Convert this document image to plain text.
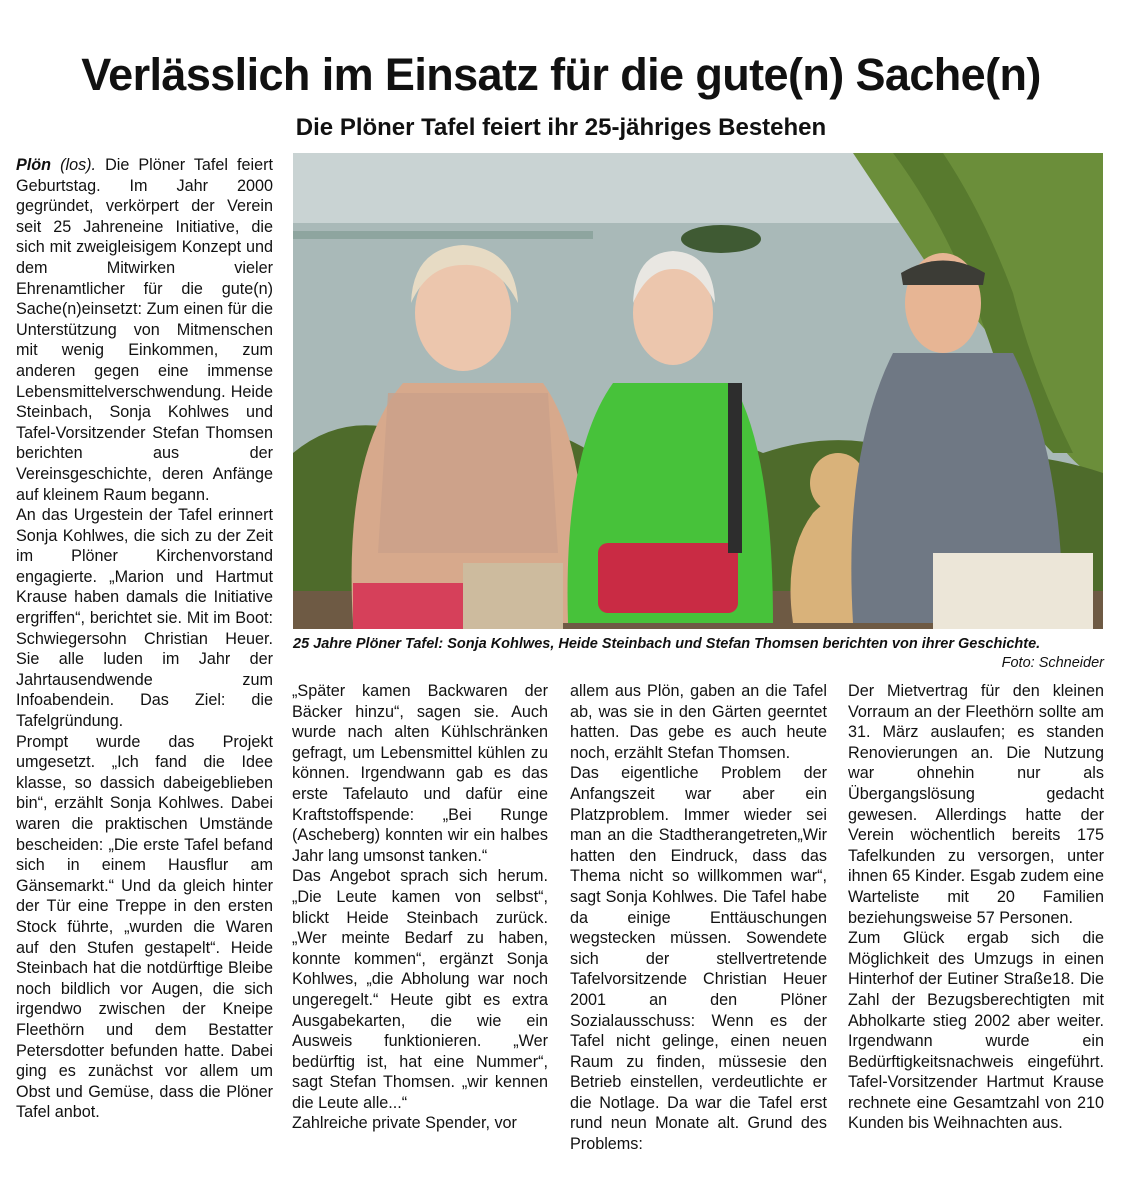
Verlässlich im Einsatz für die gute(n) Sache(n)
Die Plöner Tafel feiert ihr 25-jähriges Bestehen
25 Jahre Plöner Tafel: Sonja Kohlwes, Heide Steinbach und Stefan Thomsen berichten von ihrer Geschichte.
Foto: Schneider

Plön (los). Die Plöner Tafel feiert Geburtstag. Im Jahr 2000 gegründet, verkörpert der Verein seit 25 Jahreneine Initiative, die sich mit zweigleisigem Konzept und dem Mitwirken vieler Ehrenamtlicher für die gute(n) Sache(n)einsetzt: Zum einen für die Unterstützung von Mitmenschen mit wenig Einkommen, zum anderen gegen eine immense Lebensmittelverschwendung. Heide Steinbach, Sonja Kohlwes und Tafel-Vorsitzender Stefan Thomsen berichten aus der Vereinsgeschichte, deren Anfänge auf kleinem Raum begann.

An das Urgestein der Tafel erinnert Sonja Kohlwes, die sich zu der Zeit im Plöner Kirchenvorstand engagierte. „Marion und Hartmut Krause haben damals die Initiative ergriffen“, berichtet sie. Mit im Boot: Schwiegersohn Christian Heuer. Sie alle luden im Jahr der Jahrtausendwende zum Infoabendein. Das Ziel: die Tafelgründung.

Prompt wurde das Projekt umgesetzt. „Ich fand die Idee klasse, so dassich dabeigeblieben bin“, erzählt Sonja Kohlwes. Dabei waren die praktischen Umstände bescheiden: „Die erste Tafel befand sich in einem Hausflur am Gänsemarkt.“ Und da gleich hinter der Tür eine Treppe in den ersten Stock führte, „wurden die Waren auf den Stufen gestapelt“. Heide Steinbach hat die notdürftige Bleibe noch bildlich vor Augen, die sich irgendwo zwischen der Kneipe Fleethörn und dem Bestatter Petersdotter befunden hatte. Dabei ging es zunächst vor allem um Obst und Gemüse, dass die Plöner Tafel anbot.

„Später kamen Backwaren der Bäcker hinzu“, sagen sie. Auch wurde nach alten Kühlschränken gefragt, um Lebensmittel kühlen zu können. Irgendwann gab es das erste Tafelauto und dafür eine Kraftstoffspende: „Bei Runge (Ascheberg) konnten wir ein halbes Jahr lang umsonst tanken.“

Das Angebot sprach sich herum. „Die Leute kamen von selbst“, blickt Heide Steinbach zurück. „Wer meinte Bedarf zu haben, konnte kommen“, ergänzt Sonja Kohlwes, „die Abholung war noch ungeregelt.“ Heute gibt es extra Ausgabekarten, die wie ein Ausweis funktionieren. „Wer bedürftig ist, hat eine Nummer“, sagt Stefan Thomsen. „wir kennen die Leute alle...“

Zahlreiche private Spender, vor

allem aus Plön, gaben an die Tafel ab, was sie in den Gärten geerntet hatten. Das gebe es auch heute noch, erzählt Stefan Thomsen.

Das eigentliche Problem der Anfangszeit war aber ein Platzproblem. Immer wieder sei man an die Stadtherangetreten„Wir hatten den Eindruck, dass das Thema nicht so willkommen war“, sagt Sonja Kohlwes. Die Tafel habe da einige Enttäuschungen wegstecken müssen. Sowendete sich der stellvertretende Tafelvorsitzende Christian Heuer 2001 an den Plöner Sozialausschuss: Wenn es der Tafel nicht gelinge, einen neuen Raum zu finden, müssesie den Betrieb einstellen, verdeutlichte er die Notlage. Da war die Tafel erst rund neun Monate alt. Grund des Problems:

Der Mietvertrag für den kleinen Vorraum an der Fleethörn sollte am 31. März auslaufen; es standen Renovierungen an. Die Nutzung war ohnehin nur als Übergangslösung gedacht gewesen. Allerdings hatte der Verein wöchentlich bereits 175 Tafelkunden zu versorgen, unter ihnen 65 Kinder. Esgab zudem eine Warteliste mit 20 Familien beziehungsweise 57 Personen.

Zum Glück ergab sich die Möglichkeit des Umzugs in einen Hinterhof der Eutiner Straße18. Die Zahl der Bezugsberechtigten mit Abholkarte stieg 2002 aber weiter. Irgendwann wurde ein Bedürftigkeitsnachweis eingeführt. Tafel-Vorsitzender Hartmut Krause rechnete eine Gesamtzahl von 210 Kunden bis Weihnachten aus.
